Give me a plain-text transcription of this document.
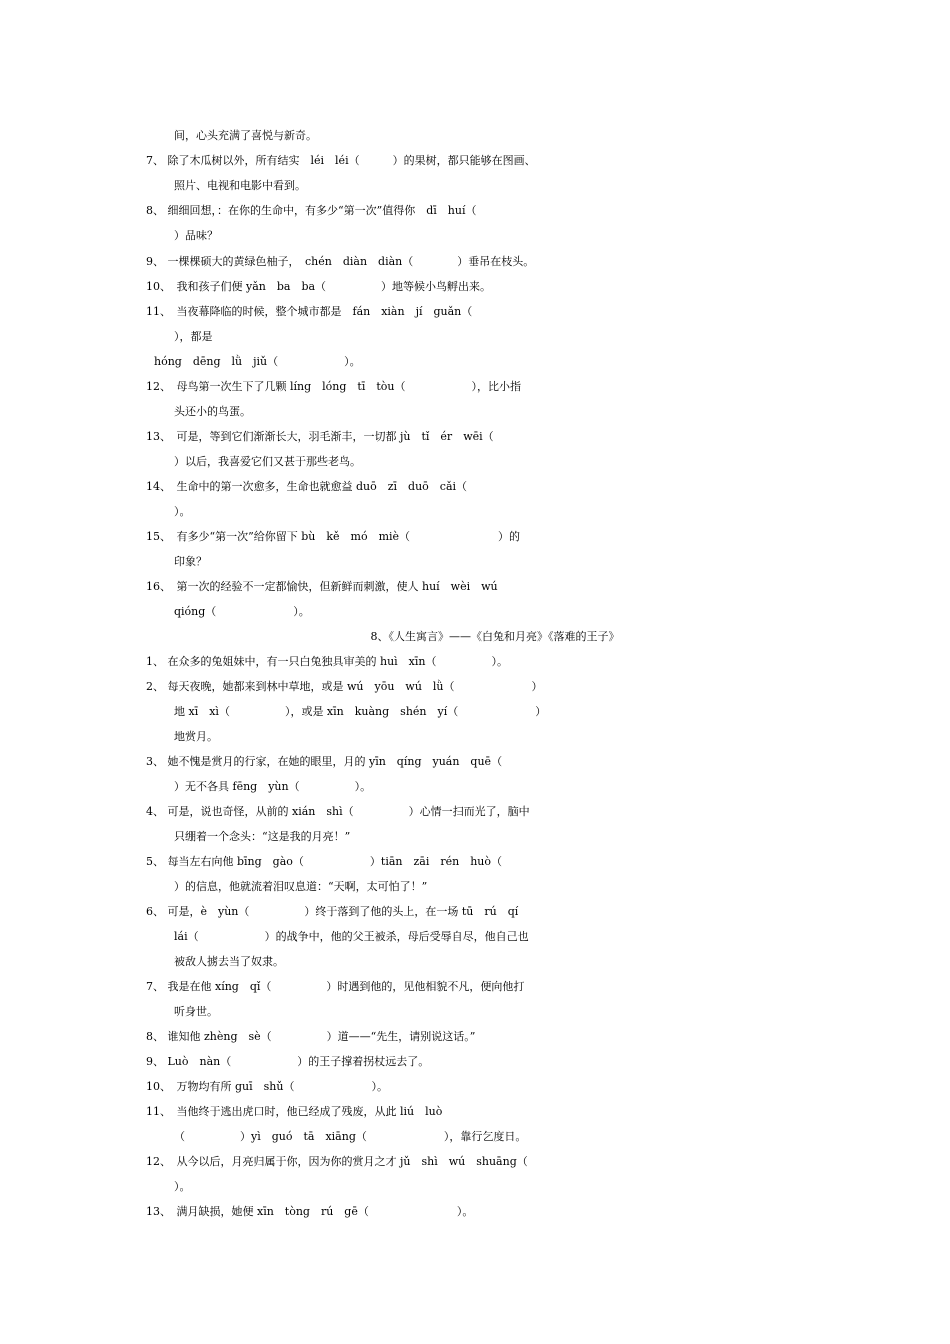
间，心头充满了喜悦与新奇。
7、 除了木瓜树以外，所有结实　léi　léi（　　　）的果树，都只能够在图画、
照片、电视和电影中看到。
8、 细细回想，：在你的生命中，有多少“第一次”值得你　dī　huí（
）品味？
9、 一棵棵硕大的黄绿色柚子，　chén　diàn　diàn（　　　　）垂吊在枝头。
10、　我和孩子们便 yǎn　ba　ba（　　　　　）地等候小鸟孵出来。
11、　当夜幕降临的时候，整个城市都是　fán　xiàn　jí　guǎn（
），都是
hóng　dēng　lǜ　jiǔ（　　　　　　）。
12、　母鸟第一次生下了几颗 líng　lóng　tī　tòu（　　　　　　），比小指
头还小的鸟蛋。
13、　可是，等到它们渐渐长大，羽毛渐丰，一切都 jù　tǐ　ér　wēi（
）以后，我喜爱它们又甚于那些老鸟。
14、　生命中的第一次愈多，生命也就愈益 duō　zī　duō　cǎi（
）。
15、　有多少“第一次”给你留下 bù　kě　mó　miè（　　　　　　　　）的
印象？
16、　第一次的经验不一定都愉快，但新鲜而刺激，使人 huí　wèi　wú
qióng（　　　　　　　）。
8、《人生寓言》——《白兔和月亮》《落难的王子》
1、 在众多的兔姐妹中，有一只白兔独具审美的 huì　xīn（　　　　　）。
2、 每天夜晚，她都来到林中草地，或是 wú　yōu　wú　lǜ（　　　　　　　）
地 xī　xì（　　　　　），或是 xīn　kuàng　shén　yí（　　　　　　　）
地赏月。
3、 她不愧是赏月的行家，在她的眼里，月的 yīn　qíng　yuán　quē（
）无不各具 fēng　yùn（　　　　　）。
4、 可是，说也奇怪，从前的 xián　shì（　　　　　）心情一扫而光了，脑中
只绷着一个念头：“这是我的月亮！”
5、 每当左右向他 bīng　gào（　　　　　　）tiān　zāi　rén　huò（
）的信息，他就流着泪叹息道：“天啊，太可怕了！”
6、 可是，è　yùn（　　　　　）终于落到了他的头上，在一场 tū　rú　qí
lái（　　　　　　）的战争中，他的父王被杀，母后受辱自尽，他自己也
被敌人掳去当了奴隶。
7、 我是在他 xíng　qǐ（　　　　　）时遇到他的，见他相貌不凡，便向他打
听身世。
8、 谁知他 zhèng　sè（　　　　　）道——“先生，请别说这话。”
9、 Luò　nàn（　　　　　　）的王子撑着拐杖远去了。
10、　万物均有所 guī　shǔ（　　　　　　　）。
11、　当他终于逃出虎口时，他已经成了残废，从此 liú　luò
（　　　　　）yì　guó　tā　xiāng（　　　　　　　），靠行乞度日。
12、　从今以后，月亮归属于你，因为你的赏月之才 jǔ　shì　wú　shuāng（
）。
13、　满月缺损，她便 xīn　tòng　rú　gē（　　　　　　　　）。
